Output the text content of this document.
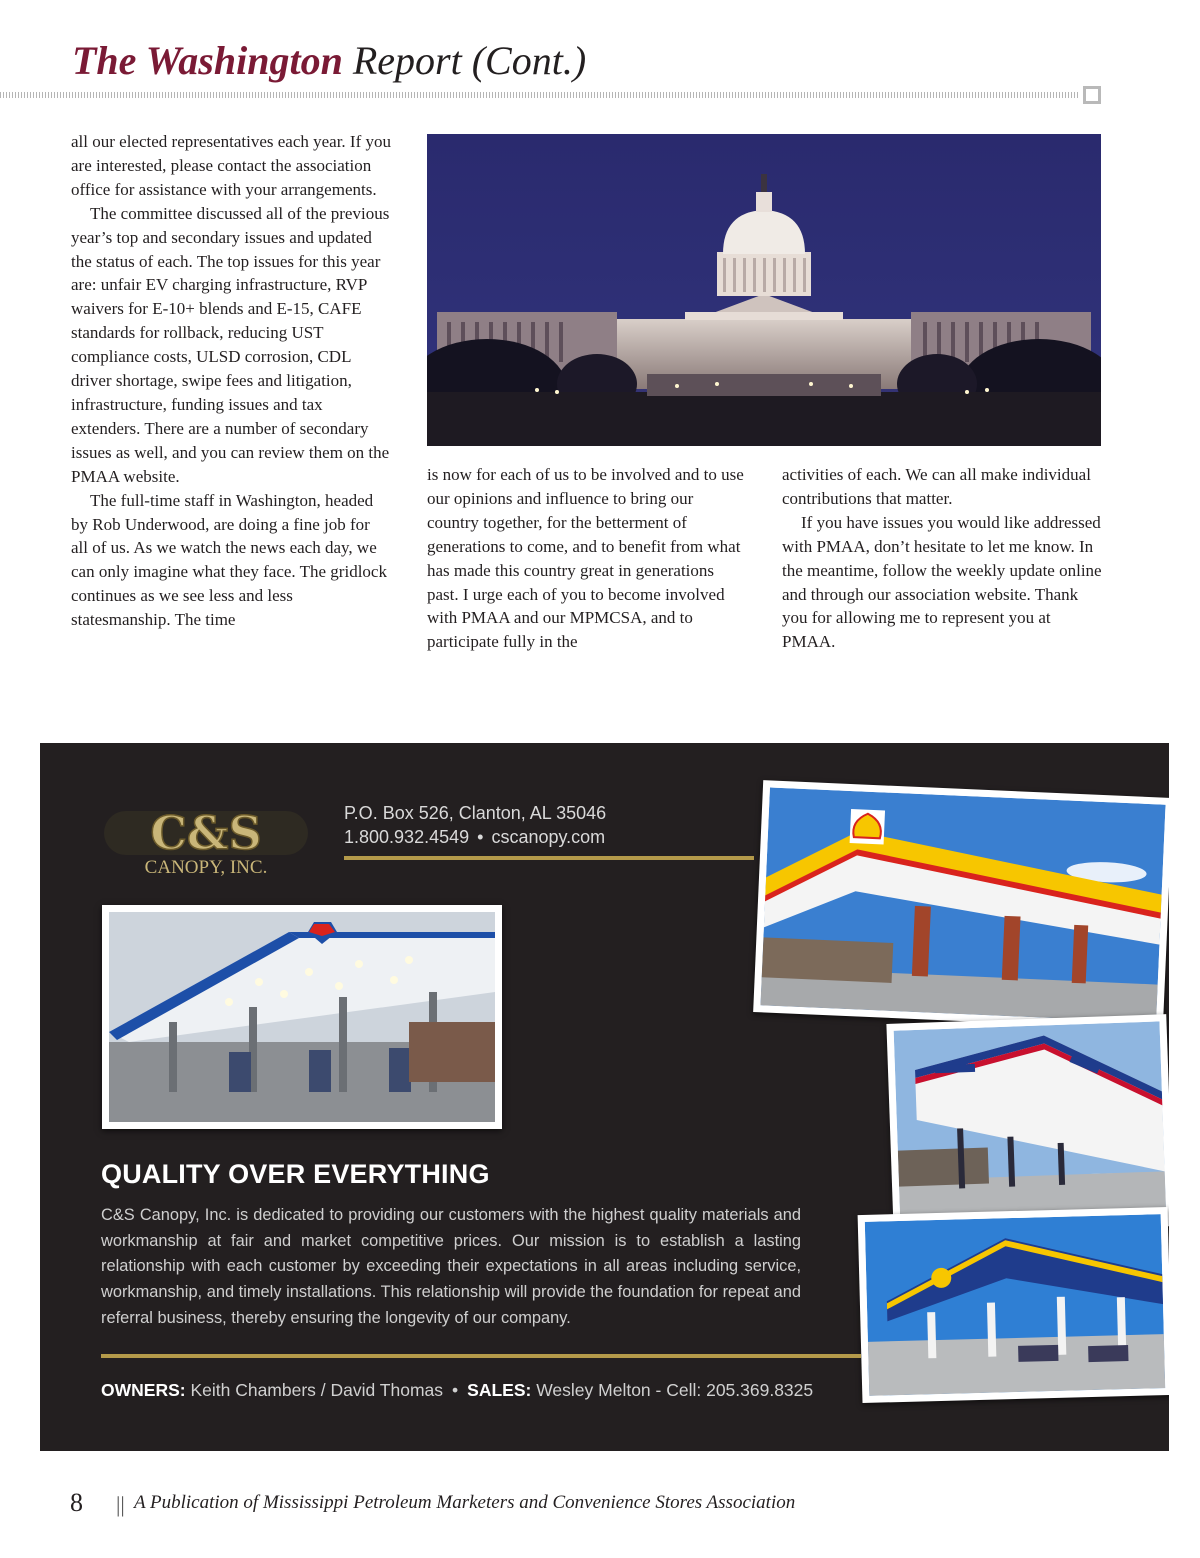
The Washington Report (Cont.)

all our elected representatives each year. If you are interested, please contact the association office for assistance with your arrangements.

The committee discussed all of the previous year’s top and secondary issues and updated the status of each. The top issues for this year are: unfair EV charging infrastructure, RVP waivers for E-10+ blends and E-15, CAFE standards for rollback, reducing UST compliance costs, ULSD corrosion, CDL driver shortage, swipe fees and litigation, infrastructure, funding issues and tax extenders. There are a number of secondary issues as well, and you can review them on the PMAA website.

The full-time staff in Washington, headed by Rob Underwood, are doing a fine job for all of us. As we watch the news each day, we can only imagine what they face. The gridlock continues as we see less and less statesmanship. The time

is now for each of us to be involved and to use our opinions and influence to bring our country together, for the betterment of generations to come, and to benefit from what has made this country great in generations past. I urge each of you to become involved with PMAA and our MPMCSA, and to participate fully in the

activities of each. We can all make individual contributions that matter.

If you have issues you would like addressed with PMAA, don’t hesitate to let me know. In the meantime, follow the weekly update online and through our association website. Thank you for allowing me to represent you at PMAA.

C&S
CANOPY, INC.
P.O. Box 526, Clanton, AL 35046
1.800.932.4549 • cscanopy.com
QUALITY OVER EVERYTHING
C&S Canopy, Inc. is dedicated to providing our customers with the highest quality materials and workmanship at fair and market competitive prices. Our mission is to establish a lasting relationship with each customer by exceeding their expectations in all areas including service, workmanship, and timely installations. This relationship will provide the foundation for repeat and referral business, thereby ensuring the longevity of our company.
OWNERS: Keith Chambers / David Thomas • SALES: Wesley Melton - Cell: 205.369.8325
8 || A Publication of Mississippi Petroleum Marketers and Convenience Stores Association
